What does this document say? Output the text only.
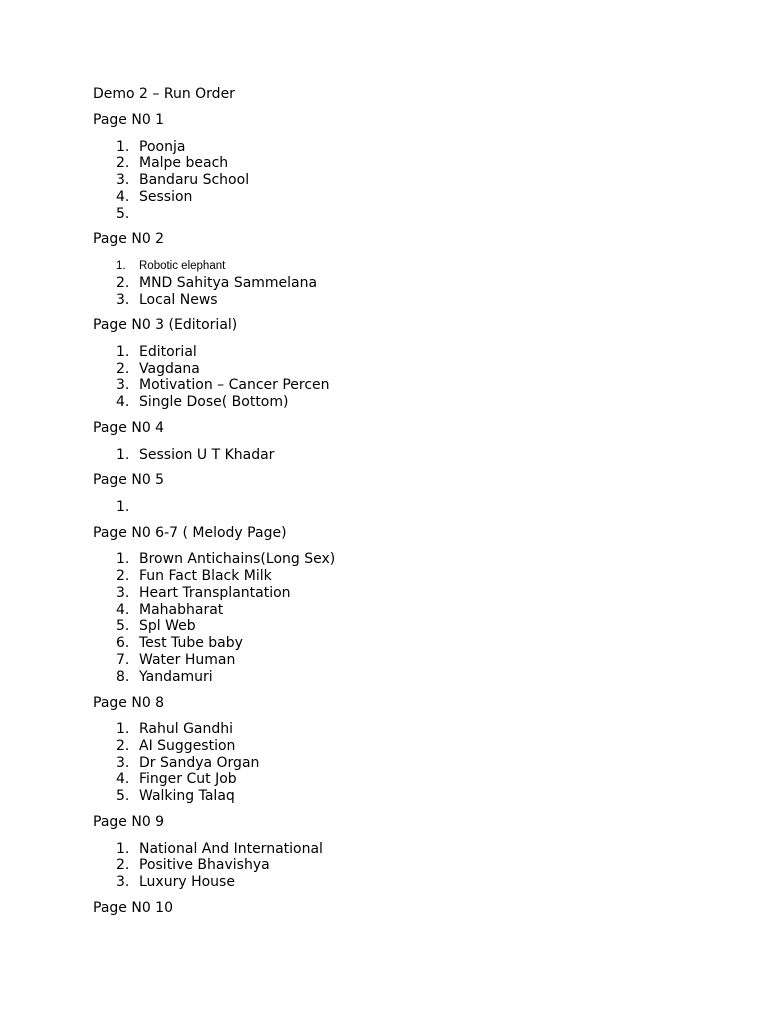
Demo 2 – Run Order
Page N0 1
1. Poonja
2. Malpe beach
3. Bandaru School
4. Session
5.
Page N0 2
1. Robotic elephant
2. MND Sahitya Sammelana
3. Local News
Page N0 3 (Editorial)
1. Editorial
2. Vagdana
3. Motivation – Cancer Percen
4. Single Dose( Bottom)
Page N0 4
1. Session U T Khadar
Page N0 5
1.
Page N0 6-7 ( Melody Page)
1. Brown Antichains(Long Sex)
2. Fun Fact Black Milk
3. Heart Transplantation
4. Mahabharat
5. Spl Web
6. Test Tube baby
7. Water Human
8. Yandamuri
Page N0 8
1. Rahul Gandhi
2. AI Suggestion
3. Dr Sandya Organ
4. Finger Cut Job
5. Walking Talaq
Page N0 9
1. National And International
2. Positive Bhavishya
3. Luxury House
Page N0 10
